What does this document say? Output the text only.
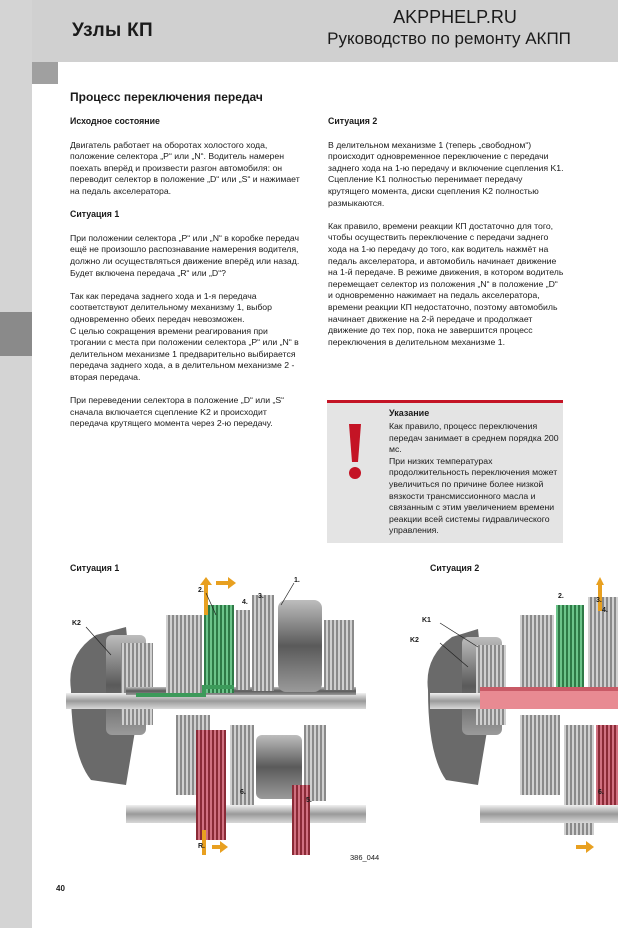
Узлы КП
AKPPHELP.RU
Руководство по ремонту АКПП
Процесс переключения передач
Исходное состояние

Двигатель работает на оборотах холостого хода, положение селектора „P“ или „N“. Водитель намерен поехать вперёд и произвести разгон автомобиля: он переводит селектор в положение „D“ или „S“ и нажимает на педаль акселератора.

Ситуация 1

При положении селектора „P“ или „N“ в коробке передач ещё не произошло распознавание намерения водителя, должно ли осуществляться движение вперёд или назад. Будет включена передача „R“ или „D“?

Так как передача заднего хода и 1-я передача соответствуют делительному механизму 1, выбор одновременно обеих передач невозможен.

С целью сокращения времени реагирования при трогании с места при положении селектора „P“ или „N“ в делительном механизме 1 предварительно выбирается передача заднего хода, а в делительном механизме 2 - вторая передача.

При переведении селектора в положение „D“ или „S“ сначала включается сцепление K2 и происходит передача крутящего момента через 2-ю передачу.

Ситуация 2

В делительном механизме 1 (теперь „свободном“) происходит одновременное переключение с передачи заднего хода на 1-ю передачу и включение сцепления K1. Сцепление K1 полностью перенимает передачу крутящего момента, диски сцепления K2 полностью размыкаются.

Как правило, времени реакции КП достаточно для того, чтобы осуществить переключение с передачи заднего хода на 1-ю передачу до того, как водитель нажмёт на педаль акселератора, и автомобиль начинает движение на 1-й передаче. В режиме движения, в котором водитель перемещает селектор из положения „N“ в положение „D“ и одновременно нажимает на педаль акселератора, времени реакции КП недостаточно, поэтому автомобиль начинает движение на 2-й передаче и продолжает движение до тех пор, пока не завершится процесс переключения в делительном механизме 1.

Указание
Как правило, процесс переключения передач занимает в среднем порядка 200 мс.
При низких температурах продолжительность переключения может увеличиться по причине более низкой вязкости трансмиссионного масла и связанным с этим увеличением времени реакции всей системы гидравлического управления.
Ситуация 1	Ситуация 2
K2
2.
4.
3.
1.
6.
5.
R.
K1
K2
2.
3.
4.
6.
386_044
40
